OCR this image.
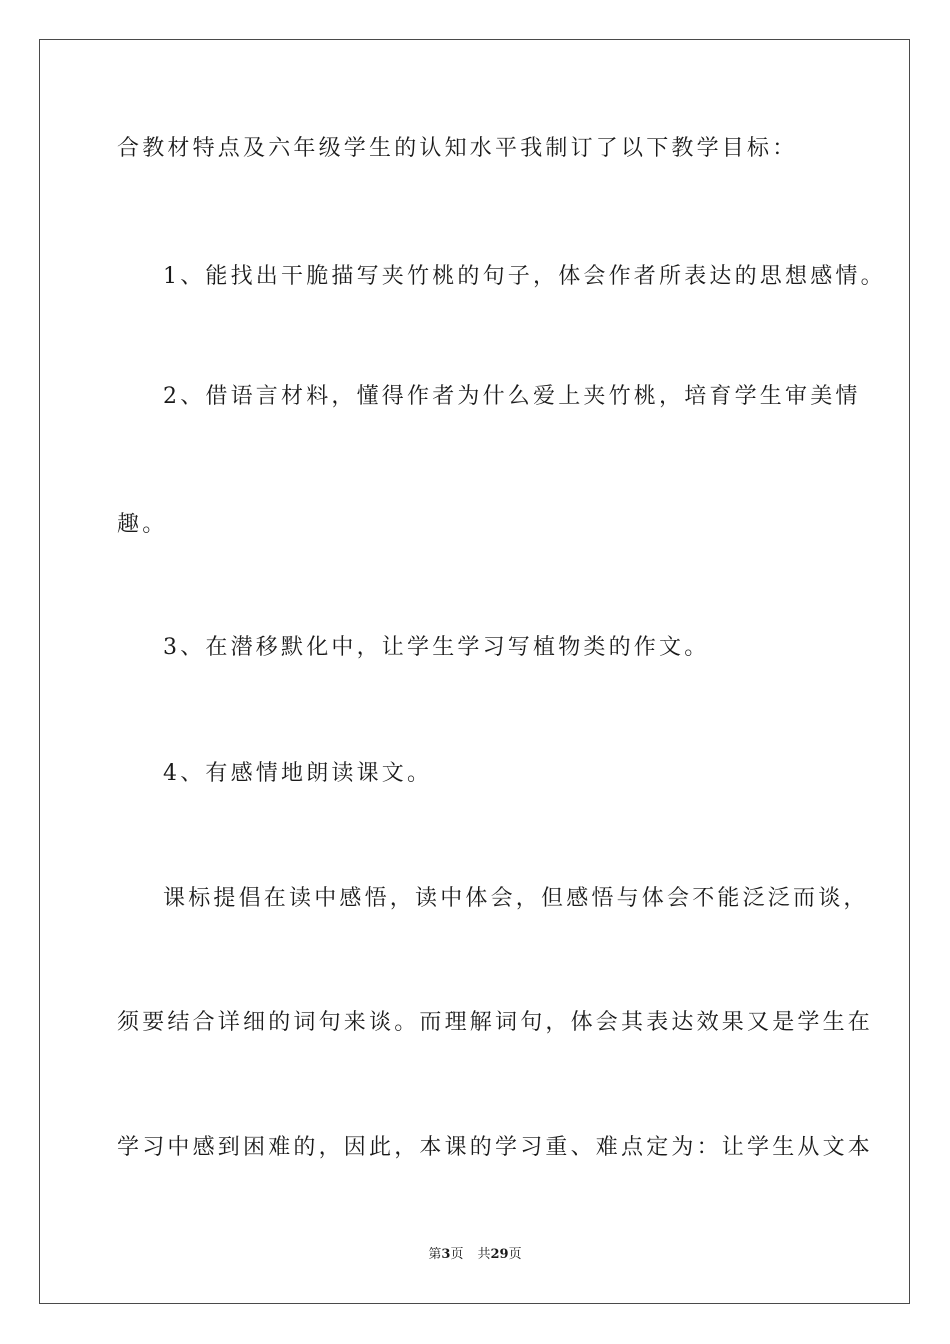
合教材特点及六年级学生的认知水平我制订了以下教学目标：
1、能找出干脆描写夹竹桃的句子，体会作者所表达的思想感情。
2、借语言材料，懂得作者为什么爱上夹竹桃，培育学生审美情
趣。
3、在潜移默化中，让学生学习写植物类的作文。
4、有感情地朗读课文。
课标提倡在读中感悟，读中体会，但感悟与体会不能泛泛而谈，
须要结合详细的词句来谈。而理解词句，体会其表达效果又是学生在
学习中感到困难的，因此，本课的学习重、难点定为：让学生从文本
第3页 共29页
